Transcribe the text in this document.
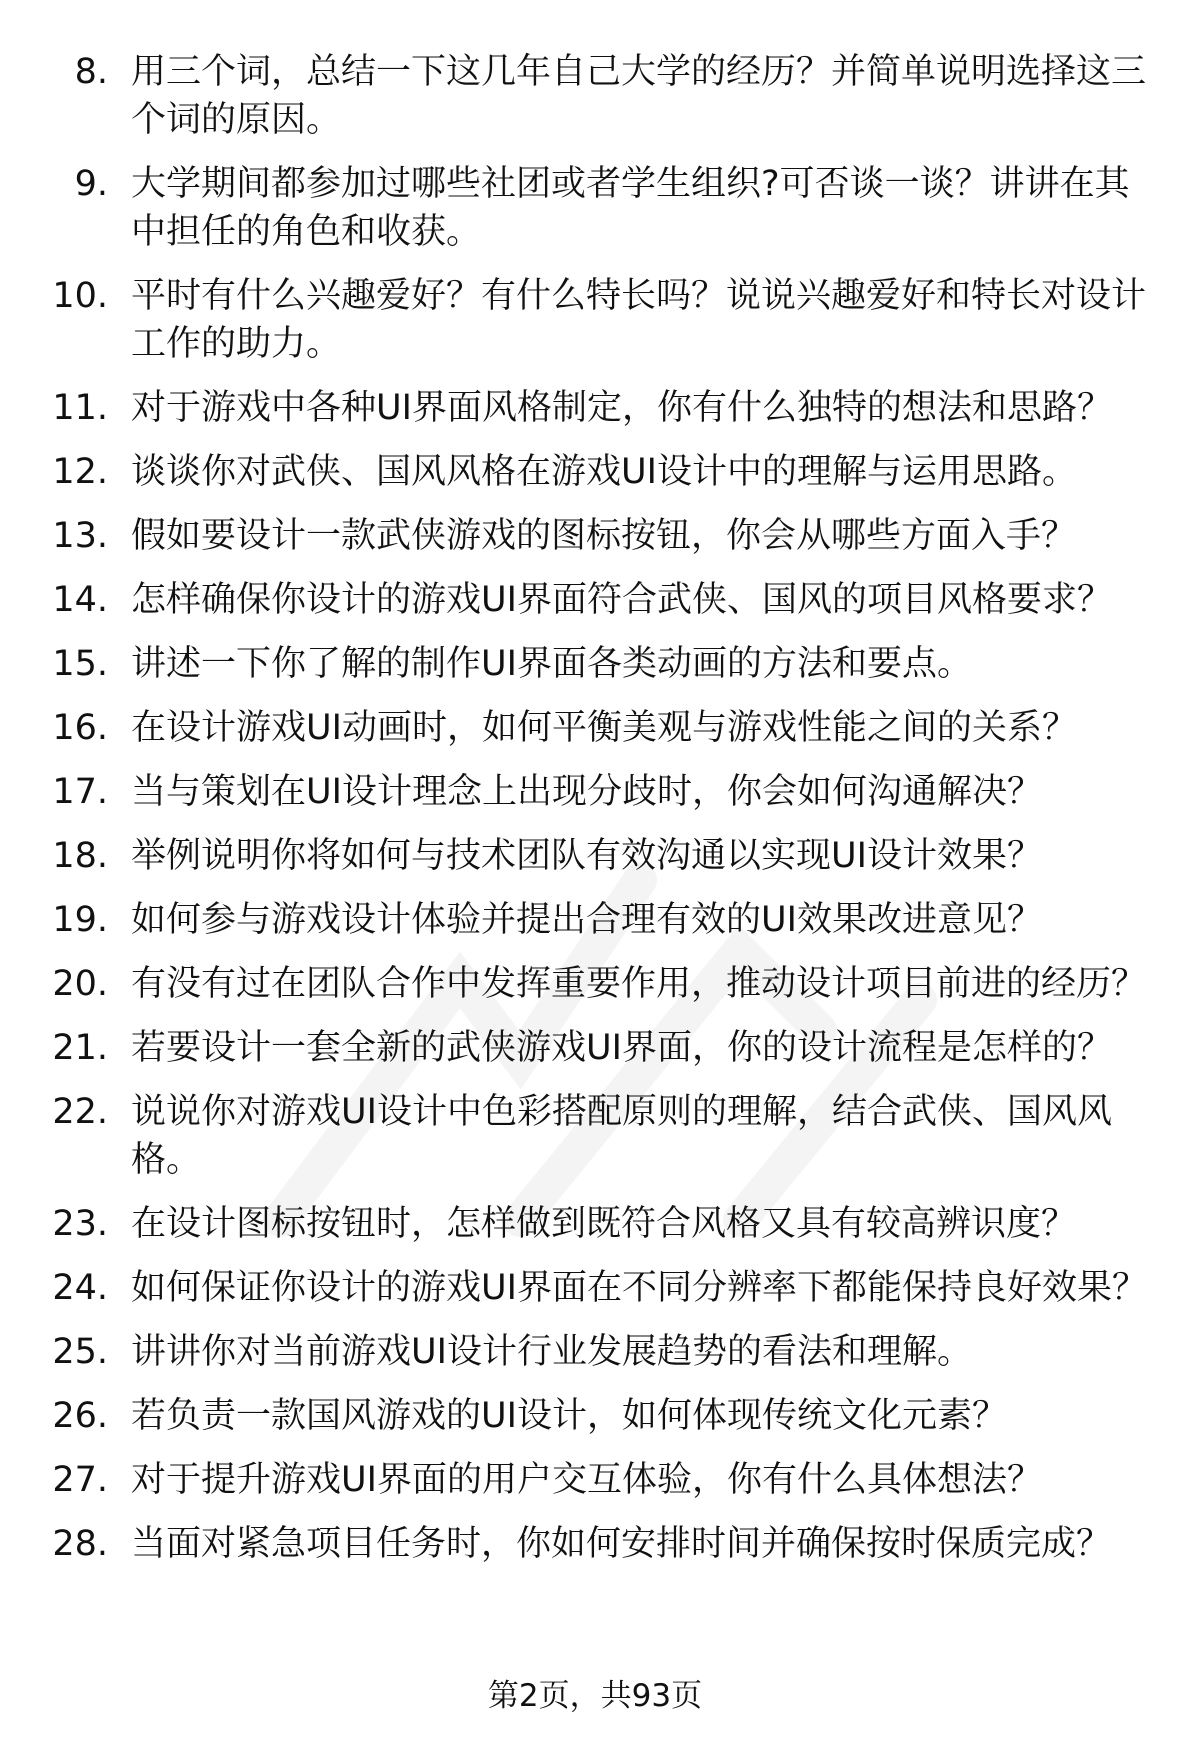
8. 用三个词，总结一下这几年自己大学的经历？并简单说明选择这三个词的原因。
9. 大学期间都参加过哪些社团或者学生组织?可否谈一谈？讲讲在其中担任的角色和收获。
10. 平时有什么兴趣爱好？有什么特长吗？说说兴趣爱好和特长对设计工作的助力。
11. 对于游戏中各种UI界面风格制定，你有什么独特的想法和思路？
12. 谈谈你对武侠、国风风格在游戏UI设计中的理解与运用思路。
13. 假如要设计一款武侠游戏的图标按钮，你会从哪些方面入手？
14. 怎样确保你设计的游戏UI界面符合武侠、国风的项目风格要求？
15. 讲述一下你了解的制作UI界面各类动画的方法和要点。
16. 在设计游戏UI动画时，如何平衡美观与游戏性能之间的关系？
17. 当与策划在UI设计理念上出现分歧时，你会如何沟通解决？
18. 举例说明你将如何与技术团队有效沟通以实现UI设计效果？
19. 如何参与游戏设计体验并提出合理有效的UI效果改进意见？
20. 有没有过在团队合作中发挥重要作用，推动设计项目前进的经历？
21. 若要设计一套全新的武侠游戏UI界面，你的设计流程是怎样的？
22. 说说你对游戏UI设计中色彩搭配原则的理解，结合武侠、国风风格。
23. 在设计图标按钮时，怎样做到既符合风格又具有较高辨识度？
24. 如何保证你设计的游戏UI界面在不同分辨率下都能保持良好效果？
25. 讲讲你对当前游戏UI设计行业发展趋势的看法和理解。
26. 若负责一款国风游戏的UI设计，如何体现传统文化元素？
27. 对于提升游戏UI界面的用户交互体验，你有什么具体想法？
28. 当面对紧急项目任务时，你如何安排时间并确保按时保质完成？
第2页，共93页
